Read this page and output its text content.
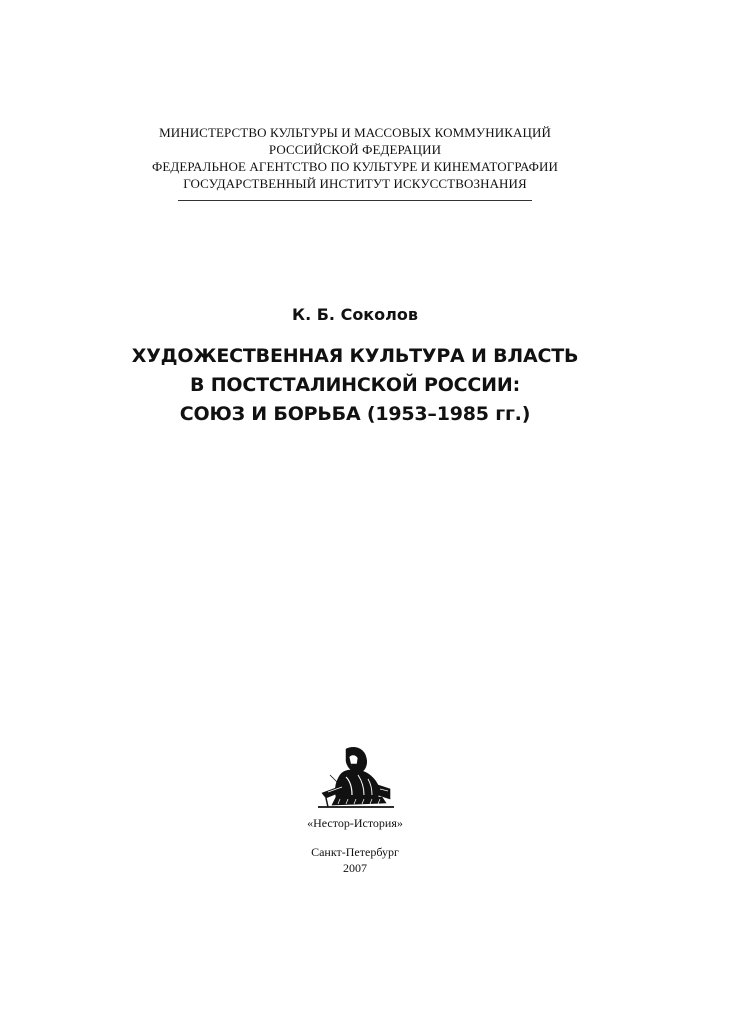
МИНИСТЕРСТВО КУЛЬТУРЫ И МАССОВЫХ КОММУНИКАЦИЙ
РОССИЙСКОЙ ФЕДЕРАЦИИ
ФЕДЕРАЛЬНОЕ АГЕНТСТВО ПО КУЛЬТУРЕ И КИНЕМАТОГРАФИИ
ГОСУДАРСТВЕННЫЙ ИНСТИТУТ ИСКУССТВОЗНАНИЯ
К. Б. Соколов
ХУДОЖЕСТВЕННАЯ КУЛЬТУРА И ВЛАСТЬ
В ПОСТСТАЛИНСКОЙ РОССИИ:
СОЮЗ И БОРЬБА (1953–1985 гг.)
«Нестор-История»
Санкт-Петербург
2007
